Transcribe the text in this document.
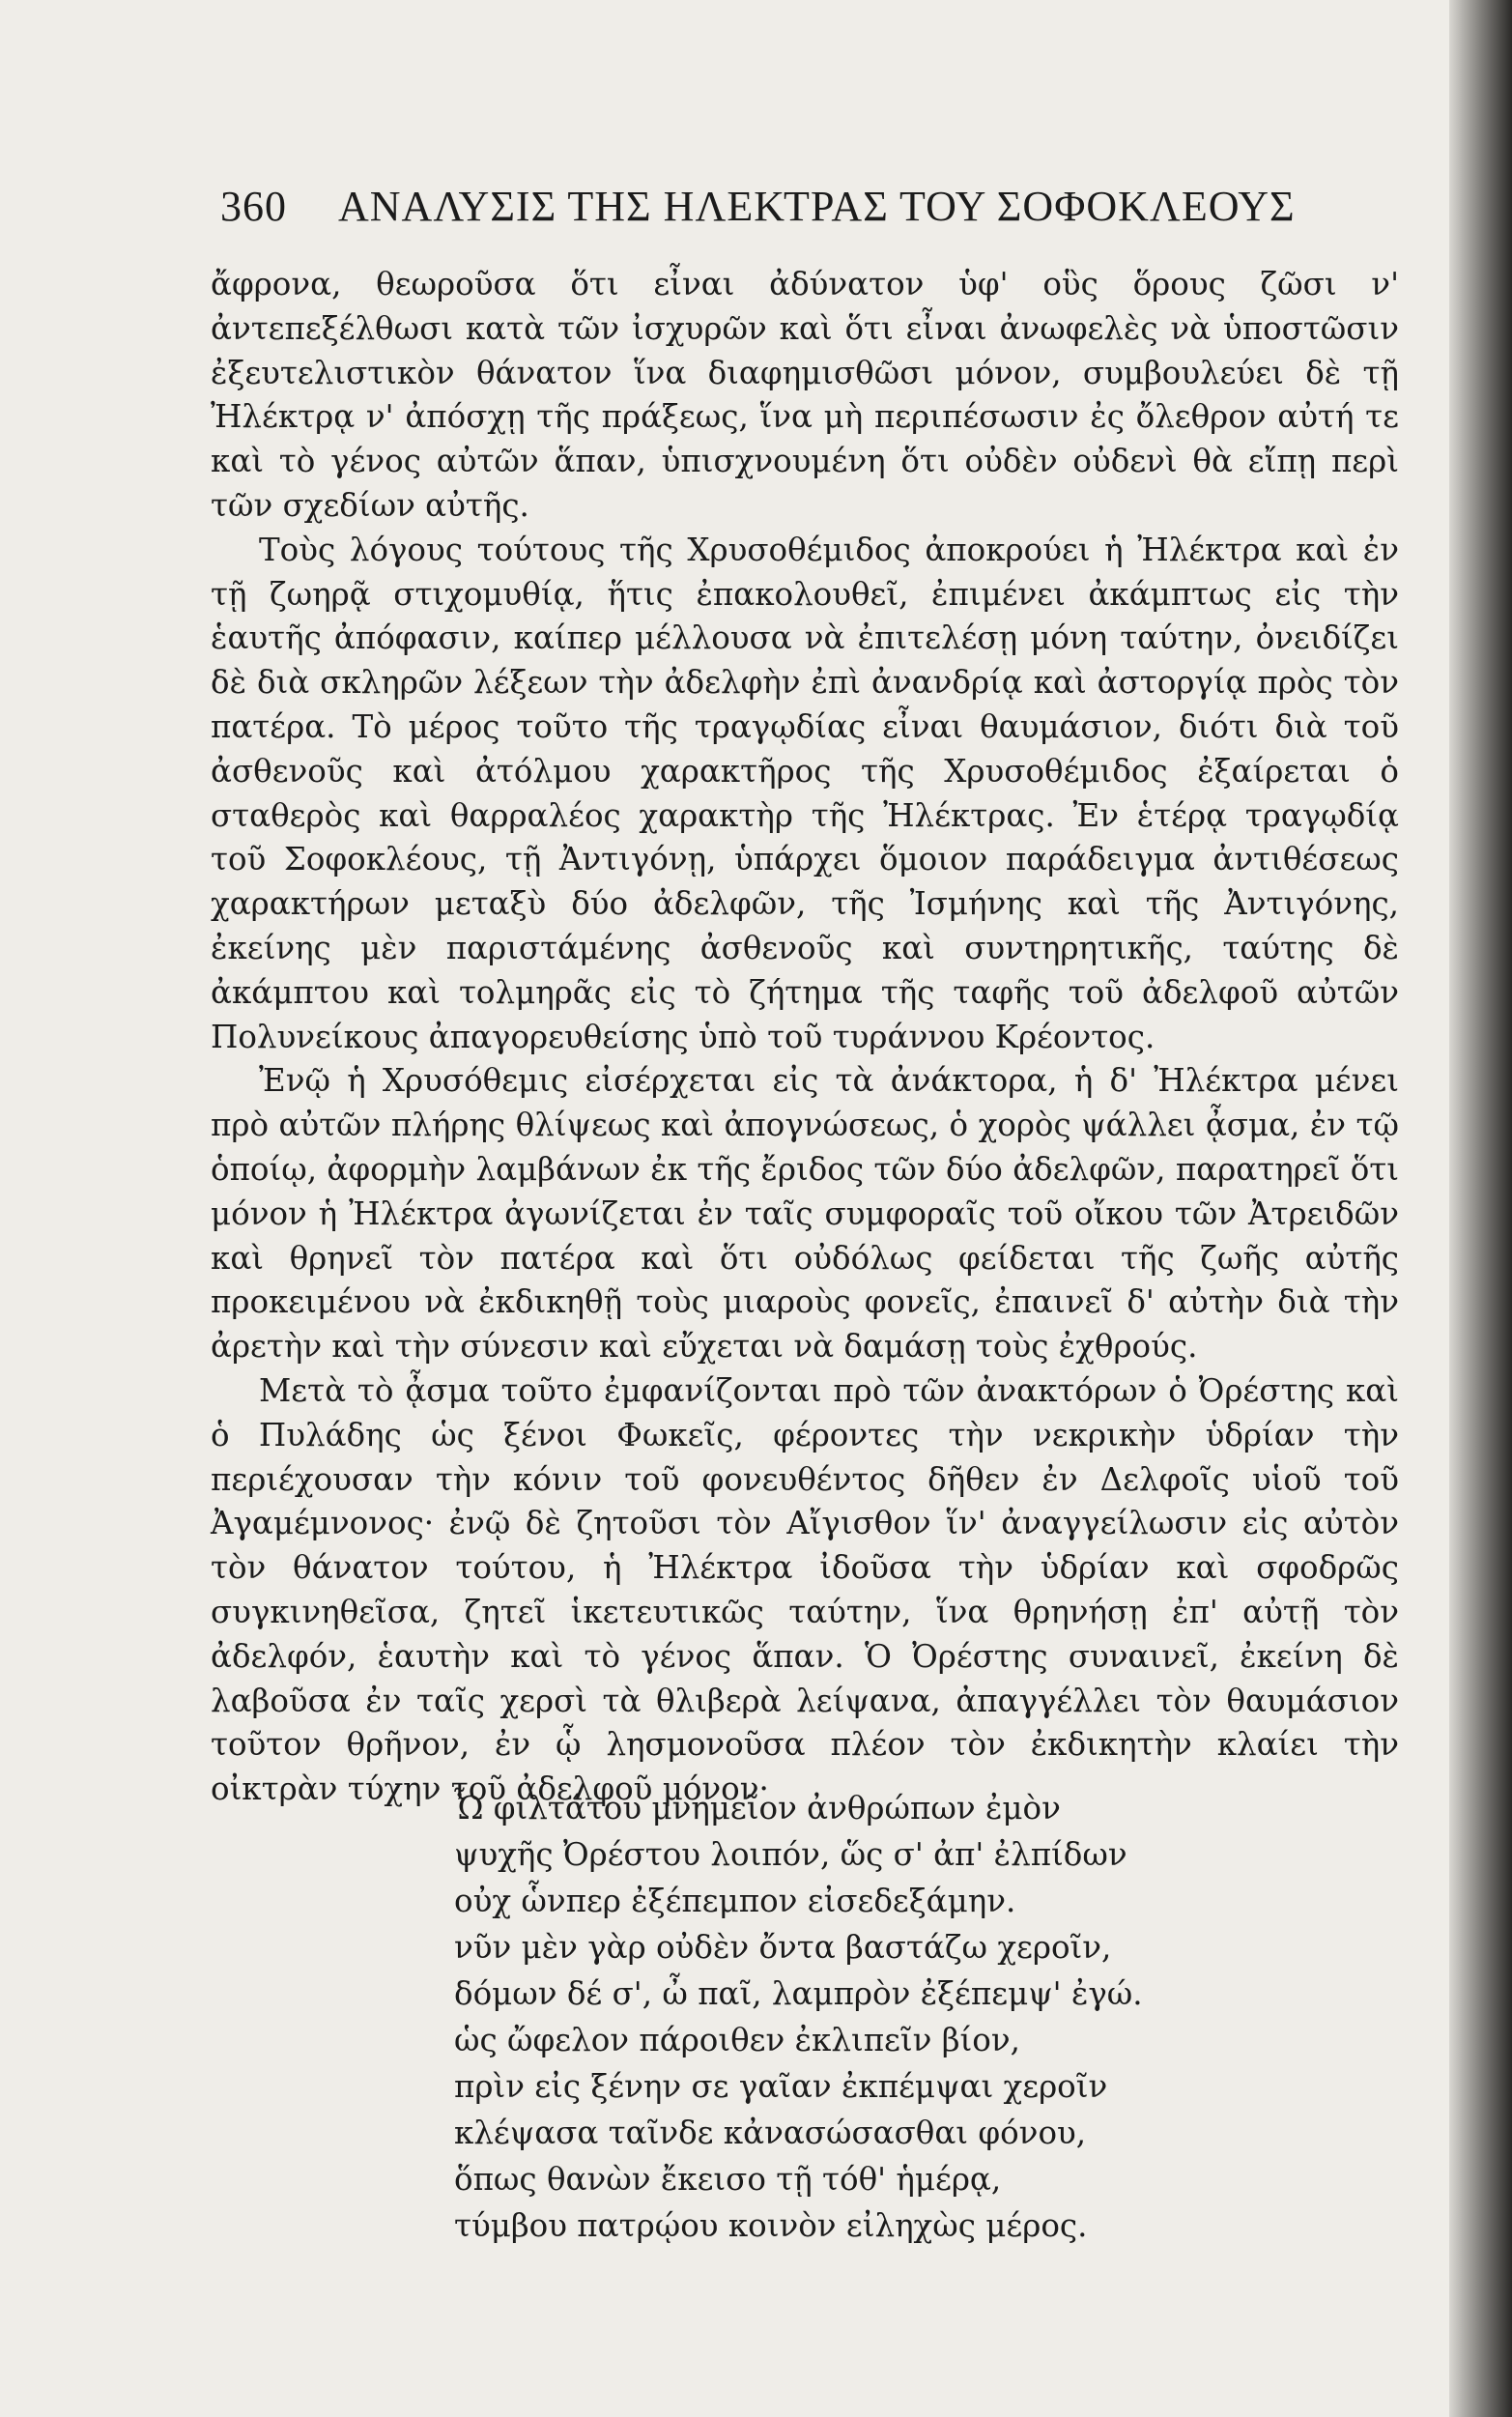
360 ΑΝΑΛΥΣΙΣ ΤΗΣ ΗΛΕΚΤΡΑΣ ΤΟΥ ΣΟΦΟΚΛΕΟΥΣ

ἄφρονα, θεωροῦσα ὅτι εἶναι ἀδύνατον ὑφ' οὓς ὅρους ζῶσι ν' ἀντεπεξέλθωσι κατὰ τῶν ἰσχυρῶν καὶ ὅτι εἶναι ἀνωφελὲς νὰ ὑποστῶσιν ἐξευτελιστικὸν θάνατον ἵνα διαφημισθῶσι μόνον, συμβουλεύει δὲ τῇ Ἠλέκτρᾳ ν' ἀπόσχῃ τῆς πράξεως, ἵνα μὴ περιπέσωσιν ἐς ὄλεθρον αὐτή τε καὶ τὸ γένος αὐτῶν ἅπαν, ὑπισχνουμένη ὅτι οὐδὲν οὐδενὶ θὰ εἴπῃ περὶ τῶν σχεδίων αὐτῆς.

Τοὺς λόγους τούτους τῆς Χρυσοθέμιδος ἀποκρούει ἡ Ἠλέκτρα καὶ ἐν τῇ ζωηρᾷ στιχομυθίᾳ, ἥτις ἐπακολουθεῖ, ἐπιμένει ἀκάμπτως εἰς τὴν ἑαυτῆς ἀπόφασιν, καίπερ μέλλουσα νὰ ἐπιτελέσῃ μόνη ταύτην, ὀνειδίζει δὲ διὰ σκληρῶν λέξεων τὴν ἀδελφὴν ἐπὶ ἀνανδρίᾳ καὶ ἀστοργίᾳ πρὸς τὸν πατέρα. Τὸ μέρος τοῦτο τῆς τραγῳδίας εἶναι θαυμάσιον, διότι διὰ τοῦ ἀσθενοῦς καὶ ἀτόλμου χαρακτῆρος τῆς Χρυσοθέμιδος ἐξαίρεται ὁ σταθερὸς καὶ θαρραλέος χαρακτὴρ τῆς Ἠλέκτρας. Ἐν ἑτέρᾳ τραγῳδίᾳ τοῦ Σοφοκλέους, τῇ Ἀντιγόνῃ, ὑπάρχει ὅμοιον παράδειγμα ἀντιθέσεως χαρακτήρων μεταξὺ δύο ἀδελφῶν, τῆς Ἰσμήνης καὶ τῆς Ἀντιγόνης, ἐκείνης μὲν παριστάμένης ἀσθενοῦς καὶ συντηρητικῆς, ταύτης δὲ ἀκάμπτου καὶ τολμηρᾶς εἰς τὸ ζήτημα τῆς ταφῆς τοῦ ἀδελφοῦ αὐτῶν Πολυνείκους ἀπαγορευθείσης ὑπὸ τοῦ τυράννου Κρέοντος.

Ἐνῷ ἡ Χρυσόθεμις εἰσέρχεται εἰς τὰ ἀνάκτορα, ἡ δ' Ἠλέκτρα μένει πρὸ αὐτῶν πλήρης θλίψεως καὶ ἀπογνώσεως, ὁ χορὸς ψάλλει ᾆσμα, ἐν τῷ ὁποίῳ, ἀφορμὴν λαμβάνων ἐκ τῆς ἔριδος τῶν δύο ἀδελφῶν, παρατηρεῖ ὅτι μόνον ἡ Ἠλέκτρα ἀγωνίζεται ἐν ταῖς συμφοραῖς τοῦ οἴκου τῶν Ἀτρειδῶν καὶ θρηνεῖ τὸν πατέρα καὶ ὅτι οὐδόλως φείδεται τῆς ζωῆς αὐτῆς προκειμένου νὰ ἐκδικηθῇ τοὺς μιαροὺς φονεῖς, ἐπαινεῖ δ' αὐτὴν διὰ τὴν ἀρετὴν καὶ τὴν σύνεσιν καὶ εὔχεται νὰ δαμάσῃ τοὺς ἐχθρούς.

Μετὰ τὸ ᾆσμα τοῦτο ἐμφανίζονται πρὸ τῶν ἀνακτόρων ὁ Ὀρέστης καὶ ὁ Πυλάδης ὡς ξένοι Φωκεῖς, φέροντες τὴν νεκρικὴν ὑδρίαν τὴν περιέχουσαν τὴν κόνιν τοῦ φονευθέντος δῆθεν ἐν Δελφοῖς υἱοῦ τοῦ Ἀγαμέμνονος· ἐνῷ δὲ ζητοῦσι τὸν Αἴγισθον ἵν' ἀναγγείλωσιν εἰς αὐτὸν τὸν θάνατον τούτου, ἡ Ἠλέκτρα ἰδοῦσα τὴν ὑδρίαν καὶ σφοδρῶς συγκινηθεῖσα, ζητεῖ ἱκετευτικῶς ταύτην, ἵνα θρηνήσῃ ἐπ' αὐτῇ τὸν ἀδελφόν, ἑαυτὴν καὶ τὸ γένος ἅπαν. Ὁ Ὀρέστης συναινεῖ, ἐκείνη δὲ λαβοῦσα ἐν ταῖς χερσὶ τὰ θλιβερὰ λείψανα, ἀπαγγέλλει τὸν θαυμάσιον τοῦτον θρῆνον, ἐν ᾧ λησμονοῦσα πλέον τὸν ἐκδικητὴν κλαίει τὴν οἰκτρὰν τύχην τοῦ ἀδελφοῦ μόνον·

Ὦ φιλτάτου μνημεῖον ἀνθρώπων ἐμὸν
ψυχῆς Ὀρέστου λοιπόν, ὥς σ' ἀπ' ἐλπίδων
οὐχ ὧνπερ ἐξέπεμπον εἰσεδεξάμην.
νῦν μὲν γὰρ οὐδὲν ὄντα βαστάζω χεροῖν,
δόμων δέ σ', ὦ παῖ, λαμπρὸν ἐξέπεμψ' ἐγώ.
ὡς ὤφελον πάροιθεν ἐκλιπεῖν βίον,
πρὶν εἰς ξένην σε γαῖαν ἐκπέμψαι χεροῖν
κλέψασα ταῖνδε κἀνασώσασθαι φόνου,
ὅπως θανὼν ἔκεισο τῇ τόθ' ἡμέρᾳ,
τύμβου πατρῴου κοινὸν εἰληχὼς μέρος.
